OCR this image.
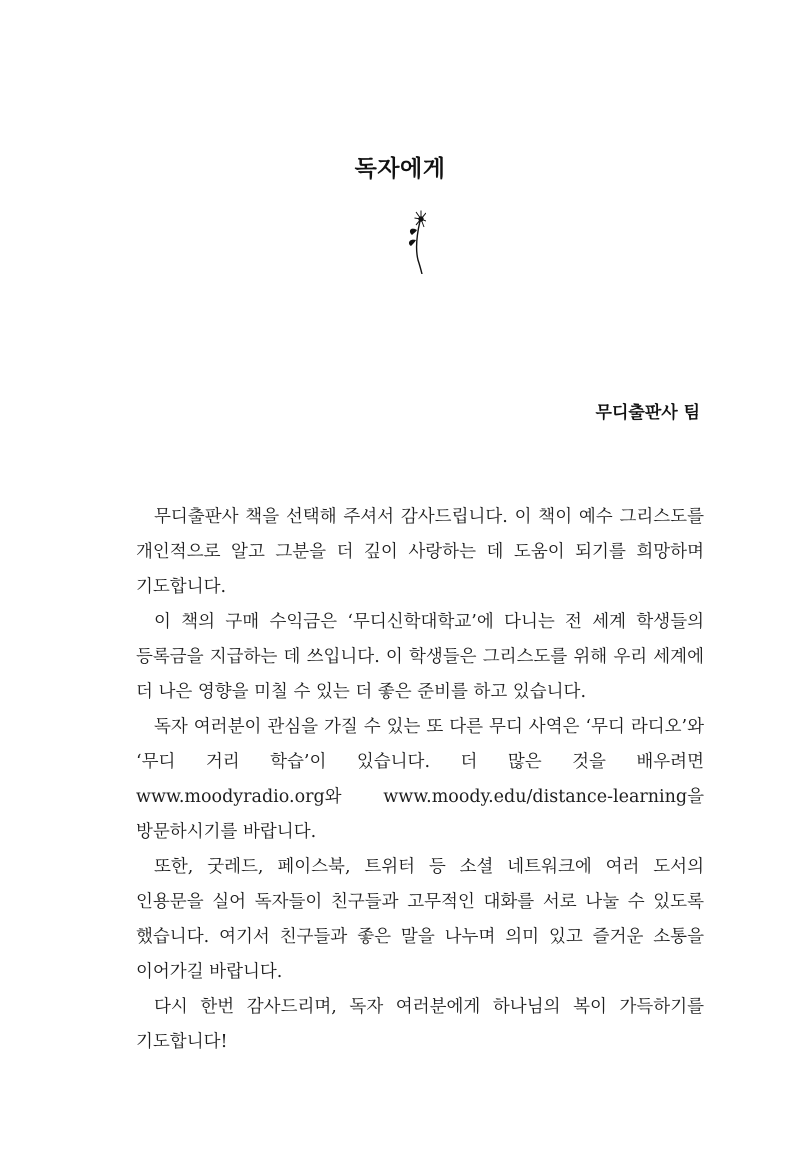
독자에게
무디출판사 팀

무디출판사 책을 선택해 주셔서 감사드립니다. 이 책이 예수 그리스도를 개인적으로 알고 그분을 더 깊이 사랑하는 데 도움이 되기를 희망하며 기도합니다.

이 책의 구매 수익금은 ‘무디신학대학교’에 다니는 전 세계 학생들의 등록금을 지급하는 데 쓰입니다. 이 학생들은 그리스도를 위해 우리 세계에 더 나은 영향을 미칠 수 있는 더 좋은 준비를 하고 있습니다.

독자 여러분이 관심을 가질 수 있는 또 다른 무디 사역은 ‘무디 라디오’와 ‘무디 거리 학습’이 있습니다. 더 많은 것을 배우려면 www.moodyradio.org와 www.moody.edu/distance-learning을 방문하시기를 바랍니다.

또한, 굿레드, 페이스북, 트위터 등 소셜 네트워크에 여러 도서의 인용문을 실어 독자들이 친구들과 고무적인 대화를 서로 나눌 수 있도록 했습니다. 여기서 친구들과 좋은 말을 나누며 의미 있고 즐거운 소통을 이어가길 바랍니다.

다시 한번 감사드리며, 독자 여러분에게 하나님의 복이 가득하기를 기도합니다!
